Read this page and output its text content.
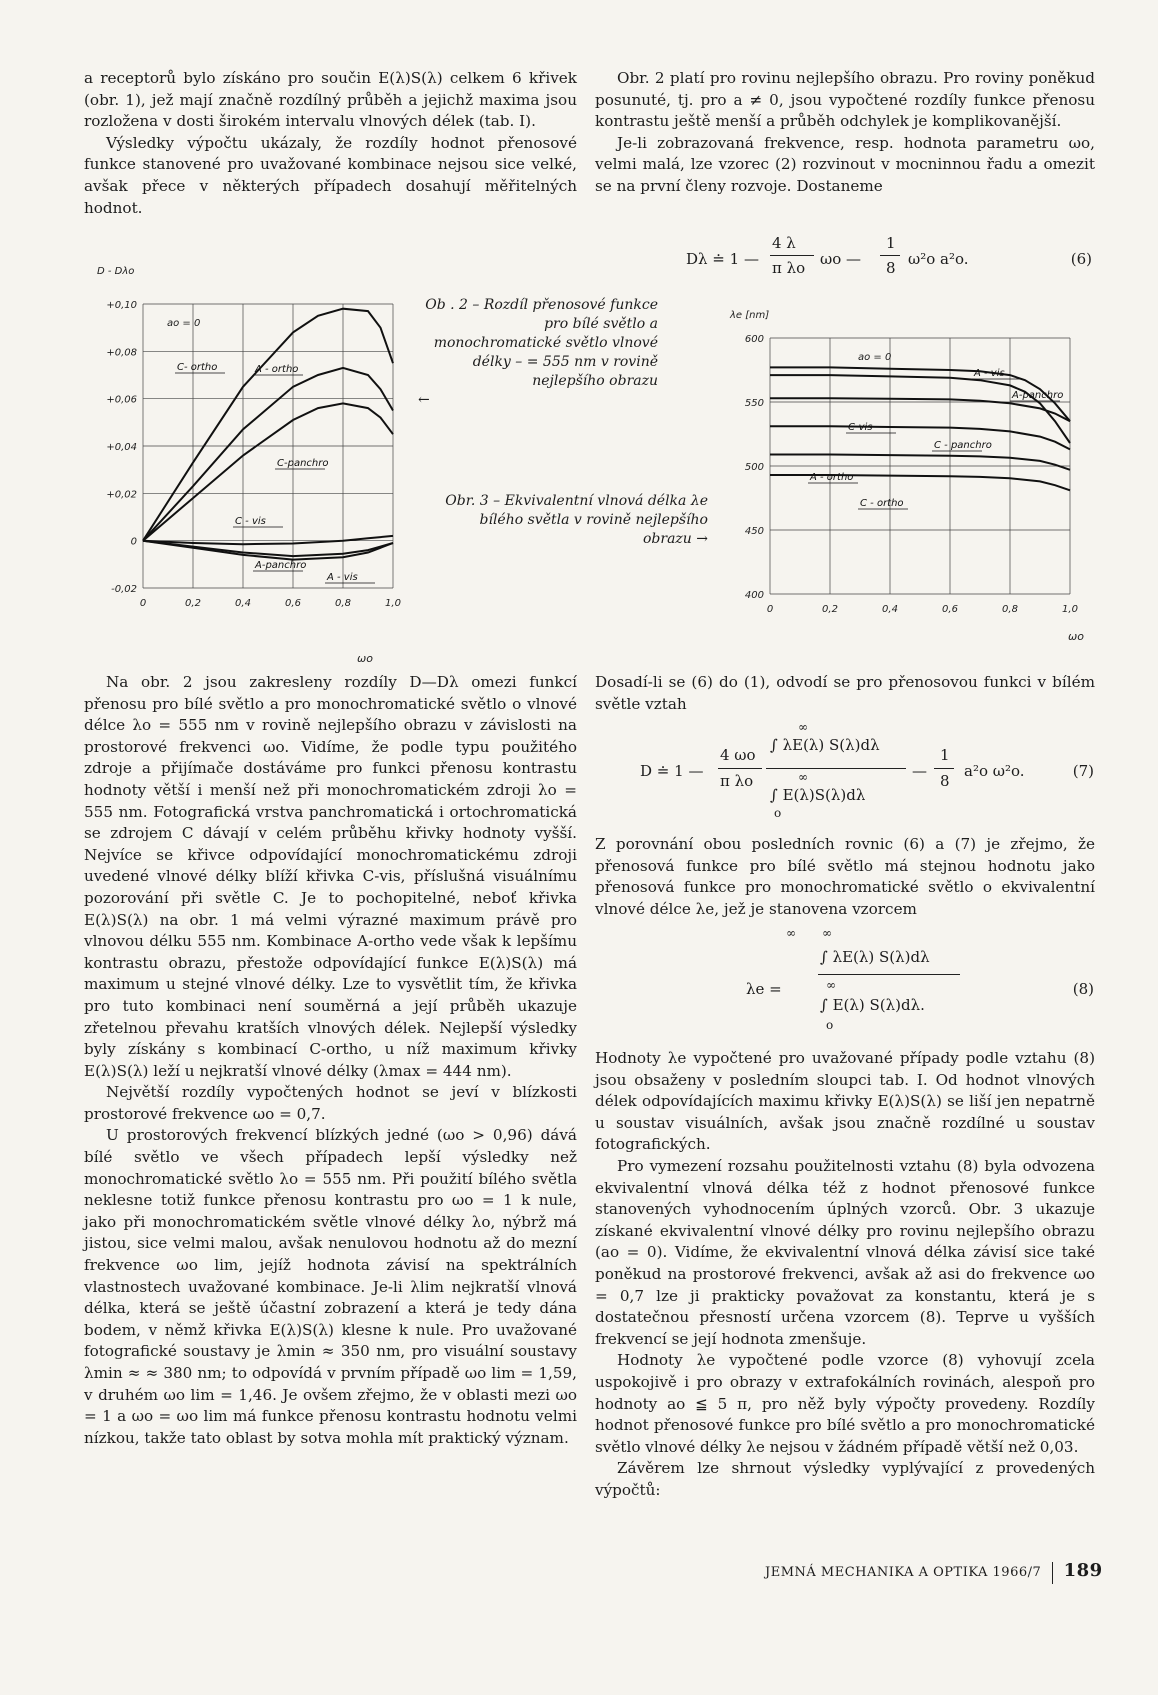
a receptorů bylo získáno pro součin E(λ)S(λ) celkem 6 křivek (obr. 1), jež mají značně rozdílný průběh a jejichž maxima jsou rozložena v dosti širokém intervalu vlnových délek (tab. I).

Výsledky výpočtu ukázaly, že rozdíly hodnot přenosové funkce stanovené pro uvažované kombinace nejsou sice velké, avšak přece v některých případech dosahují měřitelných hodnot.

Obr. 2 platí pro rovinu nejlepšího obrazu. Pro roviny poněkud posunuté, tj. pro a ≠ 0, jsou vypočtené rozdíly funkce přenosu kontrastu ještě menší a průběh odchylek je komplikovanější.

Je-li zobrazovaná frekvence, resp. hodnota parametru ωo, velmi malá, lze vzorec (2) rozvinout v mocninnou řadu a omezit se na první členy rozvoje. Dostaneme

Dλ ≐ 1 —
4 λ
π λo ωo —
1
8 ω²o a²o.	(6)
0	0,2	0,4	0,6	0,8	1,0
+0,10
+0,08
+0,06
+0,04
+0,02
0
-0,02
D - Dλo
ωo
ao = 0
C- ortho	A - ortho
C-panchro
C - vis
A-panchro
A - vis
Ob . 2 – Rozdíl přenosové funkce pro bílé světlo a monochromatické světlo vlnové délky – = 555 nm v rovině nejlepšího obrazu

←
Obr. 3 – Ekvivalentní vlnová délka λe bílého světla v rovině nejlepšího obrazu →
0	0,2	0,4	0,6	0,8	1,0
600
550
500
450
400
λe [nm]
ωo
ao = 0
A - vis
A-panchro
C-vis
C - panchro
A - ortho
C - ortho

Na obr. 2 jsou zakresleny rozdíly D—Dλ omezi funkcí přenosu pro bílé světlo a pro monochromatické světlo o vlnové délce λo = 555 nm v rovině nejlepšího obrazu v závislosti na prostorové frekvenci ωo. Vidíme, že podle typu použitého zdroje a přijímače dostáváme pro funkci přenosu kontrastu hodnoty větší i menší než při monochromatickém zdroji λo = 555 nm. Fotografická vrstva panchromatická i ortochromatická se zdrojem C dávají v celém průběhu křivky hodnoty vyšší. Nejvíce se křivce odpovídající monochromatickému zdroji uvedené vlnové délky blíží křivka C-vis, příslušná visuálnímu pozorování při světle C. Je to pochopitelné, neboť křivka E(λ)S(λ) na obr. 1 má velmi výrazné maximum právě pro vlnovou délku 555 nm. Kombinace A-ortho vede však k lepšímu kontrastu obrazu, přestože odpovídající funkce E(λ)S(λ) má maximum u stejné vlnové délky. Lze to vysvětlit tím, že křivka pro tuto kombinaci není souměrná a její průběh ukazuje zřetelnou převahu kratších vlnových délek. Nejlepší výsledky byly získány s kombinací C-ortho, u níž maximum křivky E(λ)S(λ) leží u nejkratší vlnové délky (λmax = 444 nm).

Největší rozdíly vypočtených hodnot se jeví v blízkosti prostorové frekvence ωo = 0,7.

U prostorových frekvencí blízkých jedné (ωo > 0,96) dává bílé světlo ve všech případech lepší výsledky než monochromatické světlo λo = 555 nm. Při použití bílého světla neklesne totiž funkce přenosu kontrastu pro ωo = 1 k nule, jako při monochromatickém světle vlnové délky λo, nýbrž má jistou, sice velmi malou, avšak nenulovou hodnotu až do mezní frekvence ωo lim, jejíž hodnota závisí na spektrálních vlastnostech uvažované kombinace. Je-li λlim nejkratší vlnová délka, která se ještě účastní zobrazení a která je tedy dána bodem, v němž křivka E(λ)S(λ) klesne k nule. Pro uvažované fotografické soustavy je λmin ≈ 350 nm, pro visuální soustavy λmin ≈ ≈ 380 nm; to odpovídá v prvním případě ωo lim = 1,59, v druhém ωo lim = 1,46. Je ovšem zřejmo, že v oblasti mezi ωo = 1 a ωo = ωo lim má funkce přenosu kontrastu hodnotu velmi nízkou, takže tato oblast by sotva mohla mít praktický význam.

Dosadí-li se (6) do (1), odvodí se pro přenosovou funkci v bílém světle vztah

D ≐ 1 —
4 ωo
π λo
∞
∫ λE(λ) S(λ)dλ
∞
∫ E(λ)S(λ)dλ
o
—
1
8
a²o ω²o.	(7)

Z porovnání obou posledních rovnic (6) a (7) je zřejmo, že přenosová funkce pro bílé světlo má stejnou hodnotu jako přenosová funkce pro monochromatické světlo o ekvivalentní vlnové délce λe, jež je stanovena vzorcem

∞ ∞
λe =
∫ λE(λ) S(λ)dλ
∞
∫ E(λ) S(λ)dλ.
o
(8)

Hodnoty λe vypočtené pro uvažované případy podle vztahu (8) jsou obsaženy v posledním sloupci tab. I. Od hodnot vlnových délek odpovídajících maximu křivky E(λ)S(λ) se liší jen nepatrně u soustav visuálních, avšak jsou značně rozdílné u soustav fotografických.

Pro vymezení rozsahu použitelnosti vztahu (8) byla odvozena ekvivalentní vlnová délka též z hodnot přenosové funkce stanovených vyhodnocením úplných vzorců. Obr. 3 ukazuje získané ekvivalentní vlnové délky pro rovinu nejlepšího obrazu (ao = 0). Vidíme, že ekvivalentní vlnová délka závisí sice také poněkud na prostorové frekvenci, avšak až asi do frekvence ωo = 0,7 lze ji prakticky považovat za konstantu, která je s dostatečnou přesností určena vzorcem (8). Teprve u vyšších frekvencí se její hodnota zmenšuje.

Hodnoty λe vypočtené podle vzorce (8) vyhovují zcela uspokojivě i pro obrazy v extrafokálních rovinách, alespoň pro hodnoty ao ≦ 5 π, pro něž byly výpočty provedeny. Rozdíly hodnot přenosové funkce pro bílé světlo a pro monochromatické světlo vlnové délky λe nejsou v žádném případě větší než 0,03.

Závěrem lze shrnout výsledky vyplývající z provedených výpočtů:

JEMNÁ MECHANIKA A OPTIKA 1966/7 189
